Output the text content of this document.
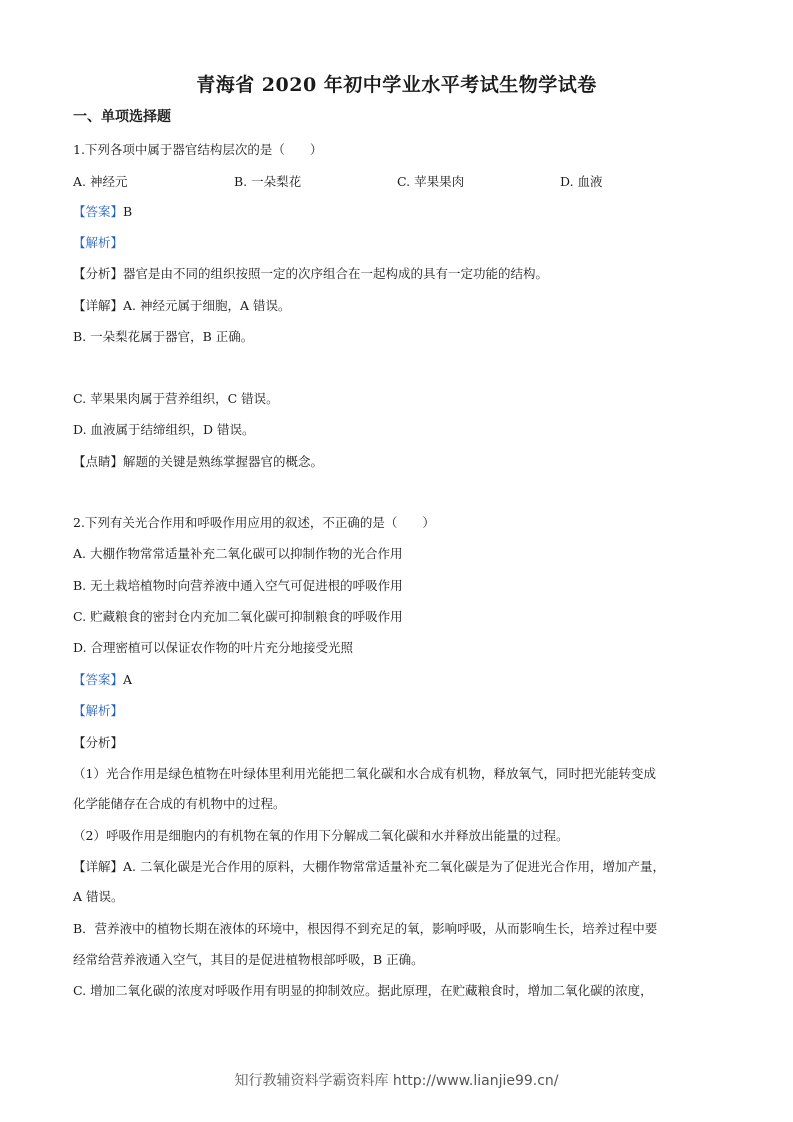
青海省 2020 年初中学业水平考试生物学试卷
一、单项选择题
1.下列各项中属于器官结构层次的是（　　）
A. 神经元	B. 一朵梨花	C. 苹果果肉	D. 血液
【答案】B
【解析】
【分析】器官是由不同的组织按照一定的次序组合在一起构成的具有一定功能的结构。
【详解】A. 神经元属于细胞，A 错误。
B. 一朵梨花属于器官，B 正确。
C. 苹果果肉属于营养组织，C 错误。
D. 血液属于结缔组织，D 错误。
【点睛】解题的关键是熟练掌握器官的概念。
2.下列有关光合作用和呼吸作用应用的叙述，不正确的是（　　）
A. 大棚作物常常适量补充二氧化碳可以抑制作物的光合作用
B. 无土栽培植物时向营养液中通入空气可促进根的呼吸作用
C. 贮藏粮食的密封仓内充加二氧化碳可抑制粮食的呼吸作用
D. 合理密植可以保证农作物的叶片充分地接受光照
【答案】A
【解析】
【分析】
（1）光合作用是绿色植物在叶绿体里利用光能把二氧化碳和水合成有机物，释放氧气，同时把光能转变成
化学能储存在合成的有机物中的过程。
（2）呼吸作用是细胞内的有机物在氧的作用下分解成二氧化碳和水并释放出能量的过程。
【详解】A. 二氧化碳是光合作用的原料，大棚作物常常适量补充二氧化碳是为了促进光合作用，增加产量，
A 错误。
B．营养液中的植物长期在液体的环境中，根因得不到充足的氧，影响呼吸，从而影响生长，培养过程中要
经常给营养液通入空气，其目的是促进植物根部呼吸，B 正确。
C. 增加二氧化碳的浓度对呼吸作用有明显的抑制效应。据此原理，在贮藏粮食时，增加二氧化碳的浓度，
知行教辅资料学霸资料库 http://www.lianjie99.cn/
